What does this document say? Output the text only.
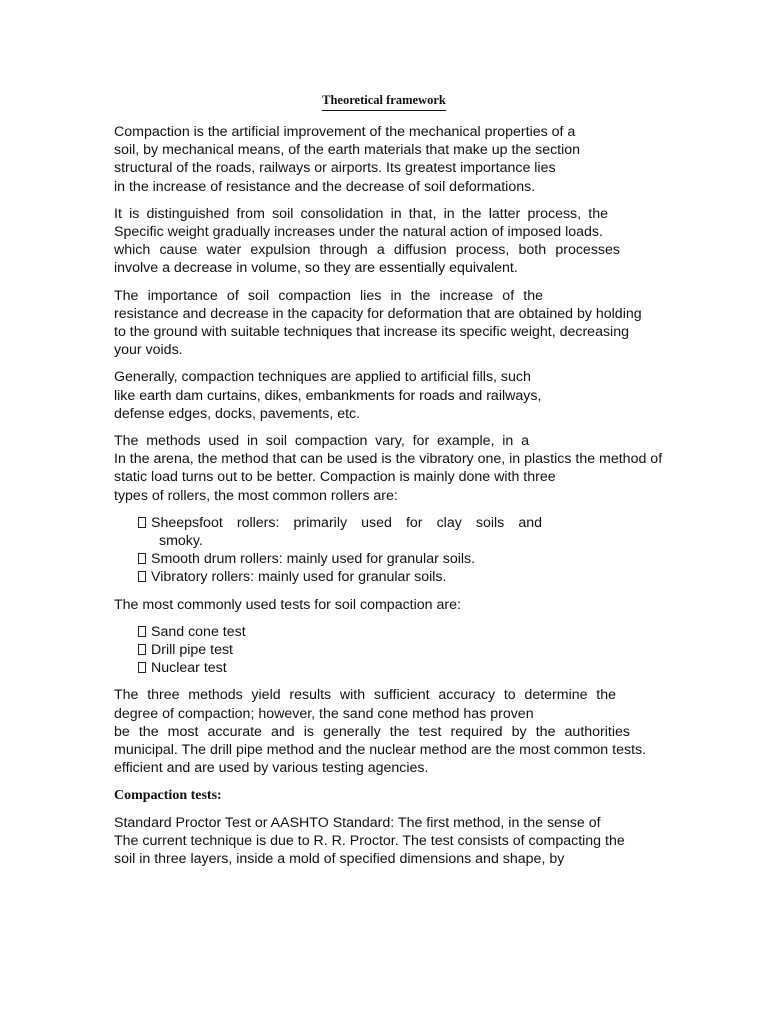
Theoretical framework
Compaction is the artificial improvement of the mechanical properties of a
soil, by mechanical means, of the earth materials that make up the section
structural of the roads, railways or airports. Its greatest importance lies
in the increase of resistance and the decrease of soil deformations.
It is distinguished from soil consolidation in that, in the latter process, the
Specific weight gradually increases under the natural action of imposed loads.
which cause water expulsion through a diffusion process, both processes
involve a decrease in volume, so they are essentially equivalent.
The importance of soil compaction lies in the increase of the
resistance and decrease in the capacity for deformation that are obtained by holding
to the ground with suitable techniques that increase its specific weight, decreasing
your voids.
Generally, compaction techniques are applied to artificial fills, such
like earth dam curtains, dikes, embankments for roads and railways,
defense edges, docks, pavements, etc.
The methods used in soil compaction vary, for example, in a
In the arena, the method that can be used is the vibratory one, in plastics the method of
static load turns out to be better. Compaction is mainly done with three
types of rollers, the most common rollers are:
Sheepsfoot rollers: primarily used for clay soils and
smoky.
Smooth drum rollers: mainly used for granular soils.
Vibratory rollers: mainly used for granular soils.
The most commonly used tests for soil compaction are:
Sand cone test
Drill pipe test
Nuclear test
The three methods yield results with sufficient accuracy to determine the
degree of compaction; however, the sand cone method has proven
be the most accurate and is generally the test required by the authorities
municipal. The drill pipe method and the nuclear method are the most common tests.
efficient and are used by various testing agencies.
Compaction tests:
Standard Proctor Test or AASHTO Standard: The first method, in the sense of
The current technique is due to R. R. Proctor. The test consists of compacting the
soil in three layers, inside a mold of specified dimensions and shape, by
